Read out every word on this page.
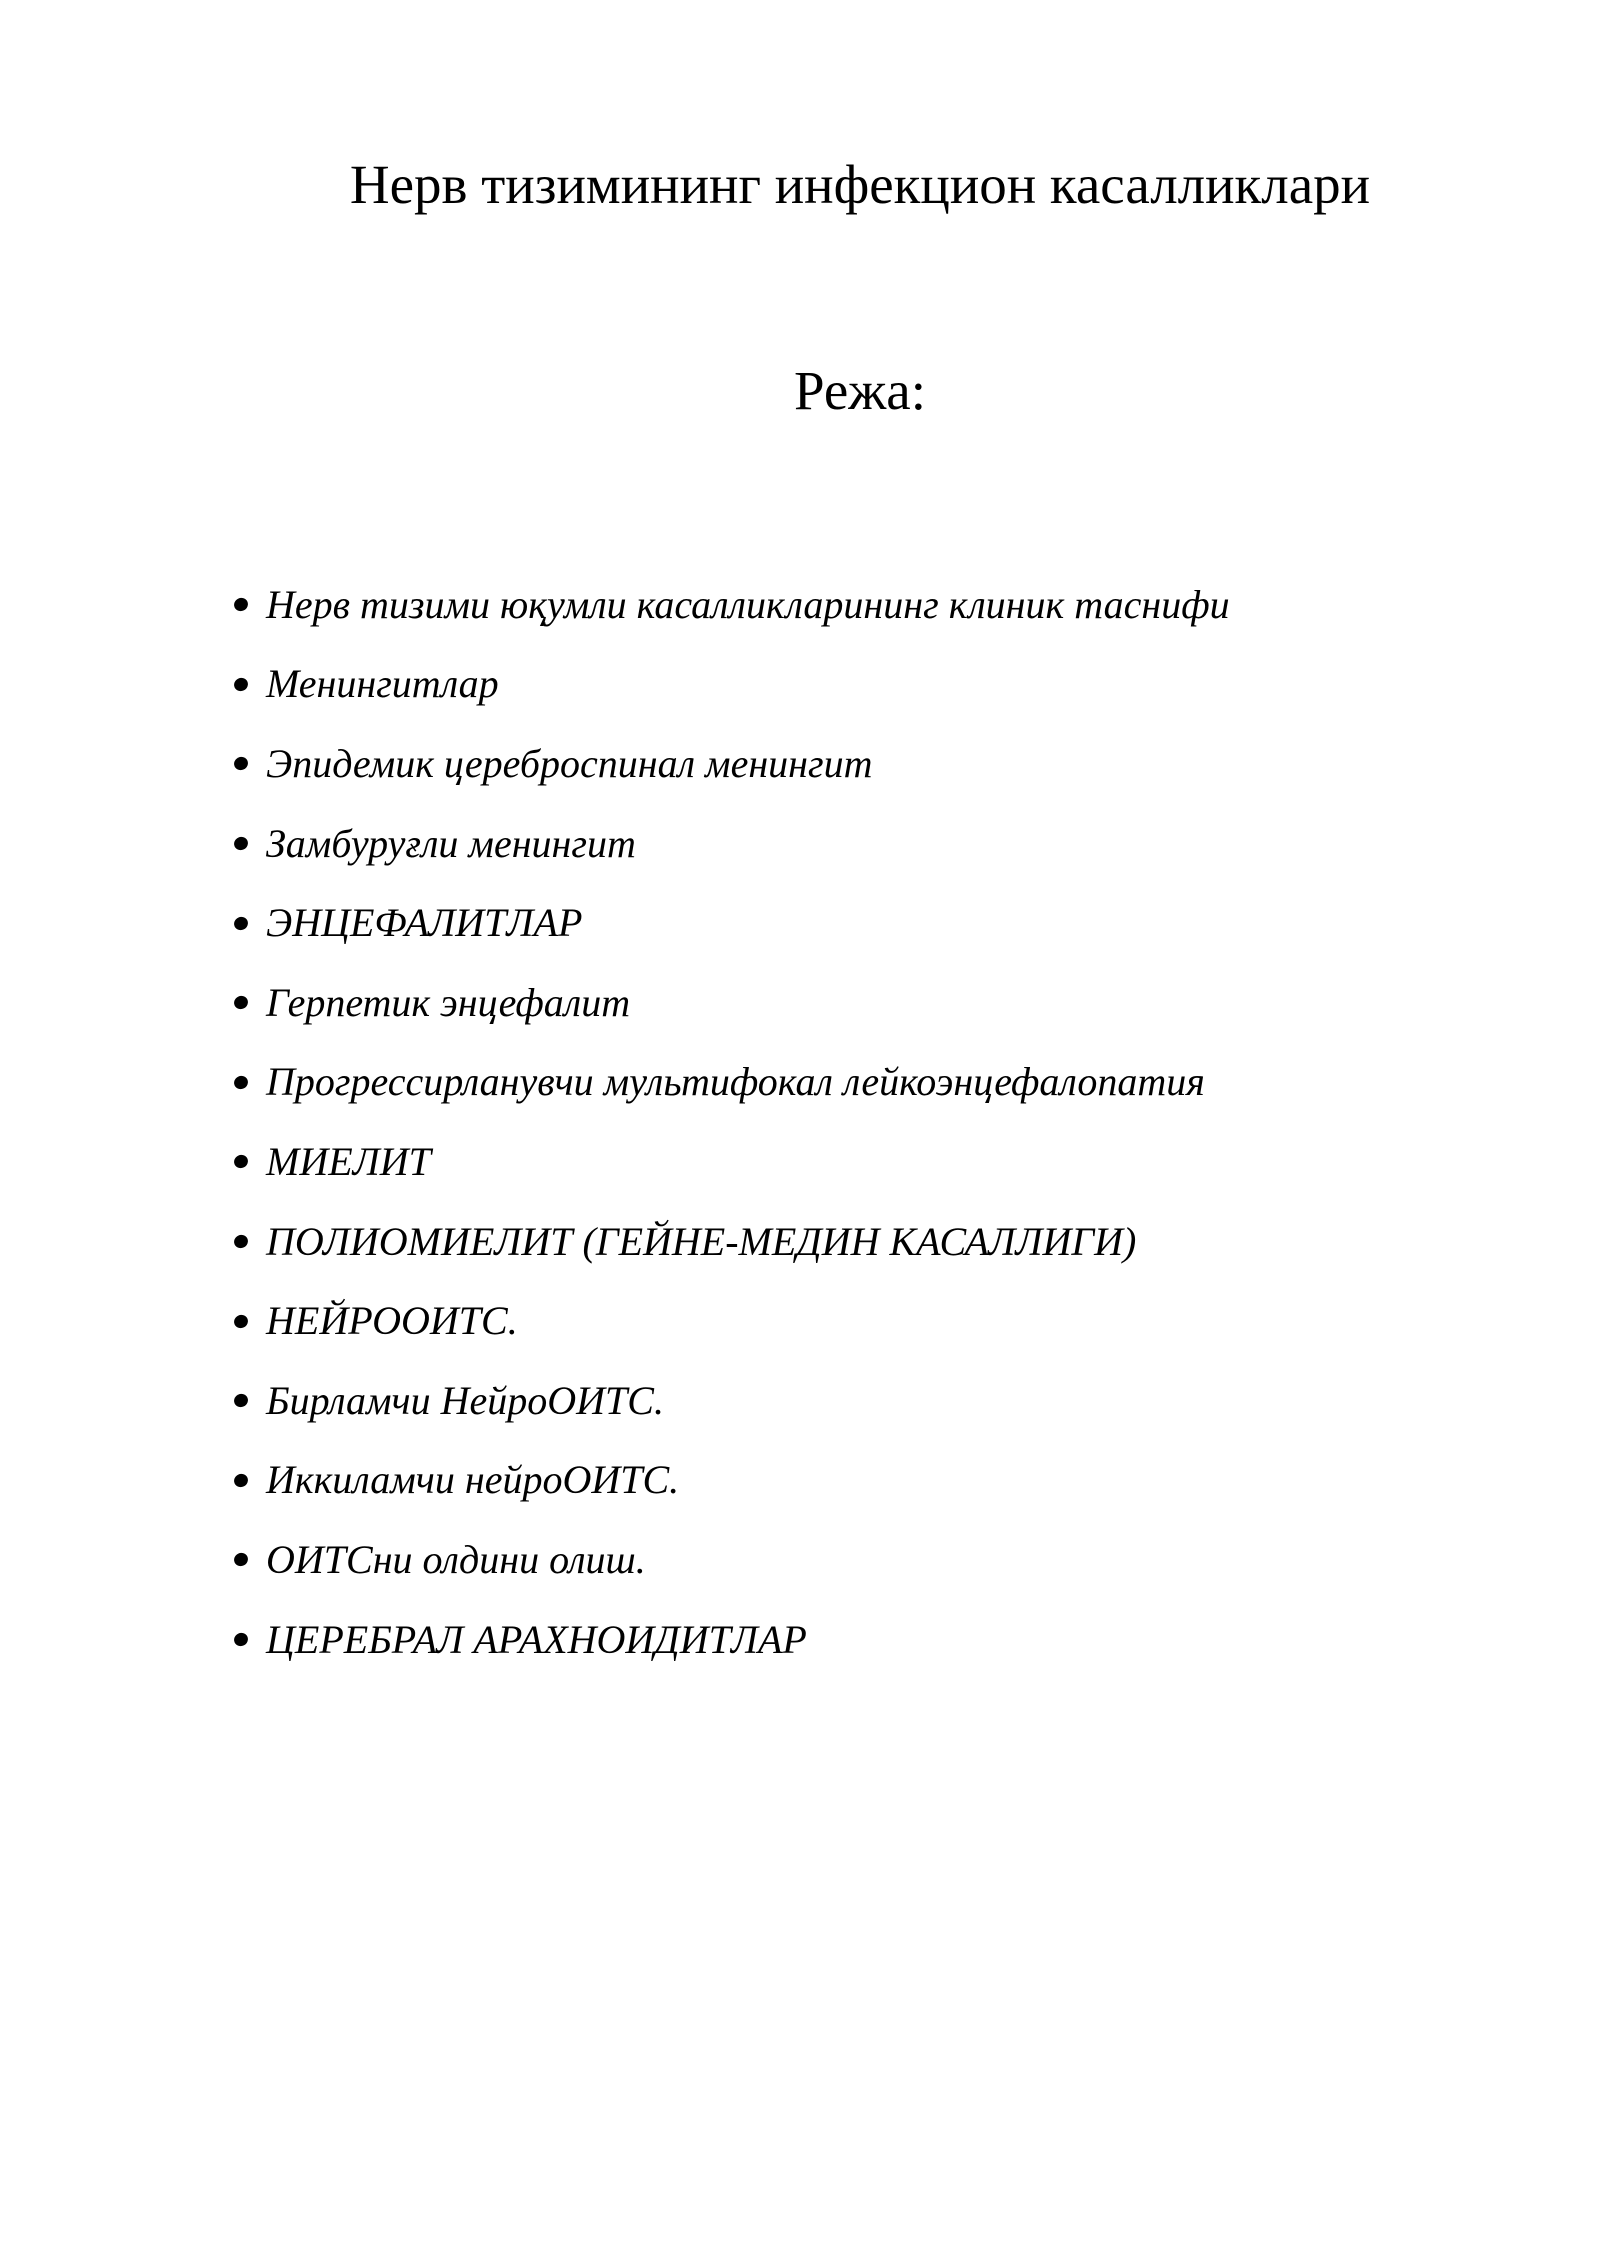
Нерв тизимининг инфекцион касалликлари
Режа:
Нерв тизими юқумли касалликларининг клиник таснифи
Менингитлар
Эпидемик цереброспинал менингит
Замбуруғли менингит
ЭНЦЕФАЛИТЛАР
Герпетик энцефалит
Прогрессирланувчи мультифокал лейкоэнцефалопатия
МИЕЛИТ
ПОЛИОМИЕЛИТ (ГЕЙНЕ-МЕДИН КАСАЛЛИГИ)
НЕЙРООИТС.
Бирламчи НейроОИТС.
Иккиламчи нейроОИТС.
ОИТСни олдини олиш.
ЦЕРЕБРАЛ АРАХНОИДИТЛАР
